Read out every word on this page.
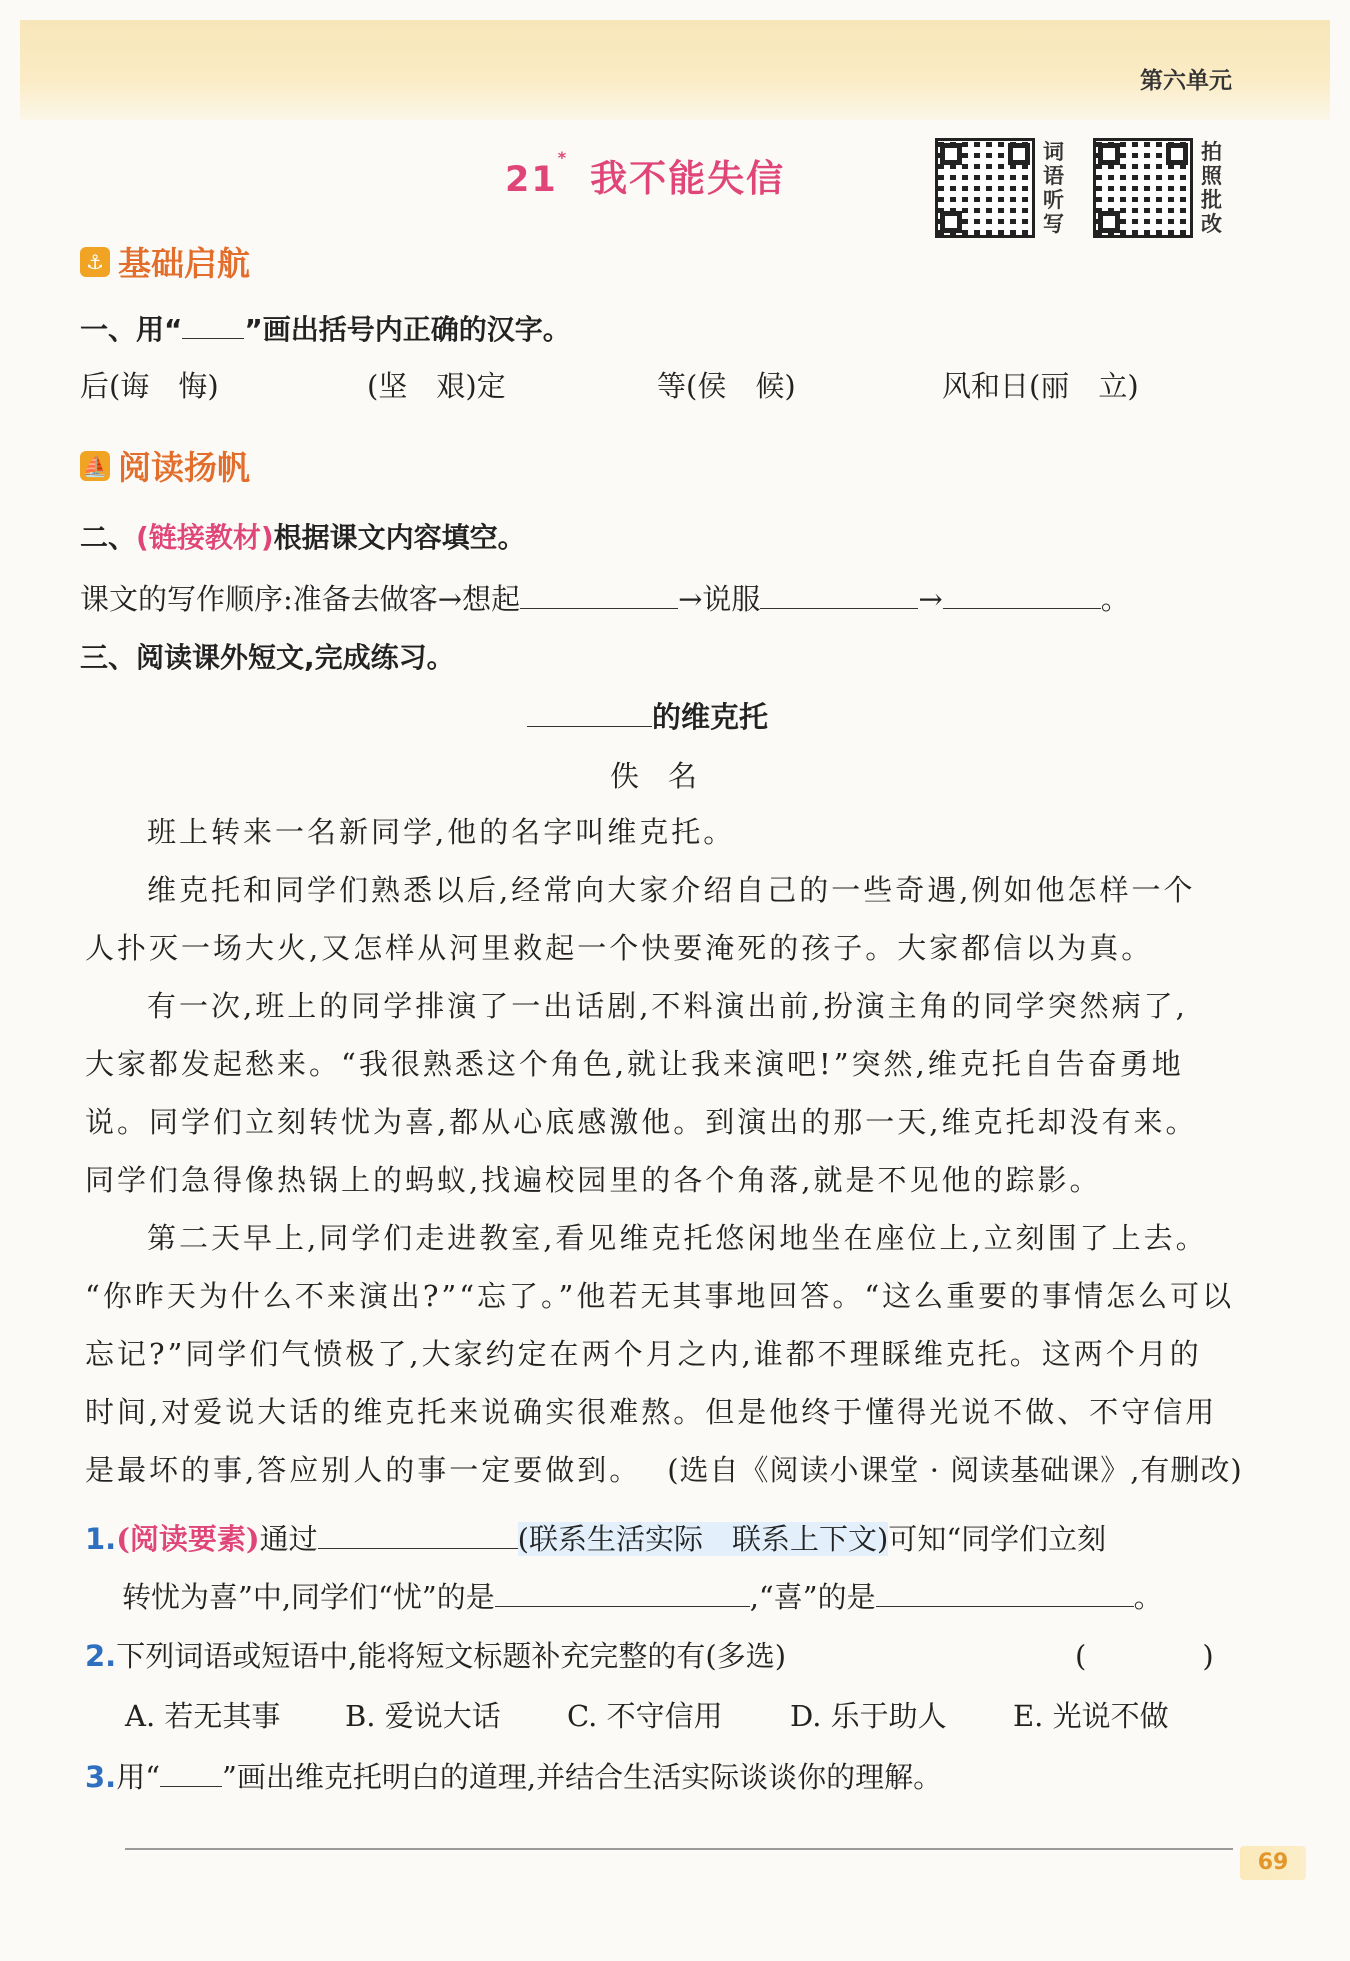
第六单元
21* 我不能失信
词
语
听
写
拍
照
批
改
⚓ 基础启航
一、用“ ”画出括号内正确的汉字。
后(诲　悔)	(坚　艰)定	等(侯　候)	风和日(丽　立)
⛵ 阅读扬帆
二、(链接教材)根据课文内容填空。
课文的写作顺序:准备去做客→想起	→说服	→	。
三、阅读课外短文,完成练习。
的维克托
佚　名
班上转来一名新同学,他的名字叫维克托。
维克托和同学们熟悉以后,经常向大家介绍自己的一些奇遇,例如他怎样一个
人扑灭一场大火,又怎样从河里救起一个快要淹死的孩子。大家都信以为真。
有一次,班上的同学排演了一出话剧,不料演出前,扮演主角的同学突然病了,
大家都发起愁来。“我很熟悉这个角色,就让我来演吧!”突然,维克托自告奋勇地
说。同学们立刻转忧为喜,都从心底感激他。到演出的那一天,维克托却没有来。
同学们急得像热锅上的蚂蚁,找遍校园里的各个角落,就是不见他的踪影。
第二天早上,同学们走进教室,看见维克托悠闲地坐在座位上,立刻围了上去。
“你昨天为什么不来演出?”“忘了。”他若无其事地回答。“这么重要的事情怎么可以
忘记?”同学们气愤极了,大家约定在两个月之内,谁都不理睬维克托。这两个月的
时间,对爱说大话的维克托来说确实很难熬。但是他终于懂得光说不做、不守信用
是最坏的事,答应别人的事一定要做到。 (选自《阅读小课堂 · 阅读基础课》,有删改)
1.(阅读要素)通过	(联系生活实际　联系上下文)可知“同学们立刻
转忧为喜”中,同学们“忧”的是	,“喜”的是	。
2.下列词语或短语中,能将短文标题补充完整的有(多选)	(　　　　)
A. 若无其事 B. 爱说大话 C. 不守信用 D. 乐于助人 E. 光说不做
3.用“ ”画出维克托明白的道理,并结合生活实际谈谈你的理解。
69
